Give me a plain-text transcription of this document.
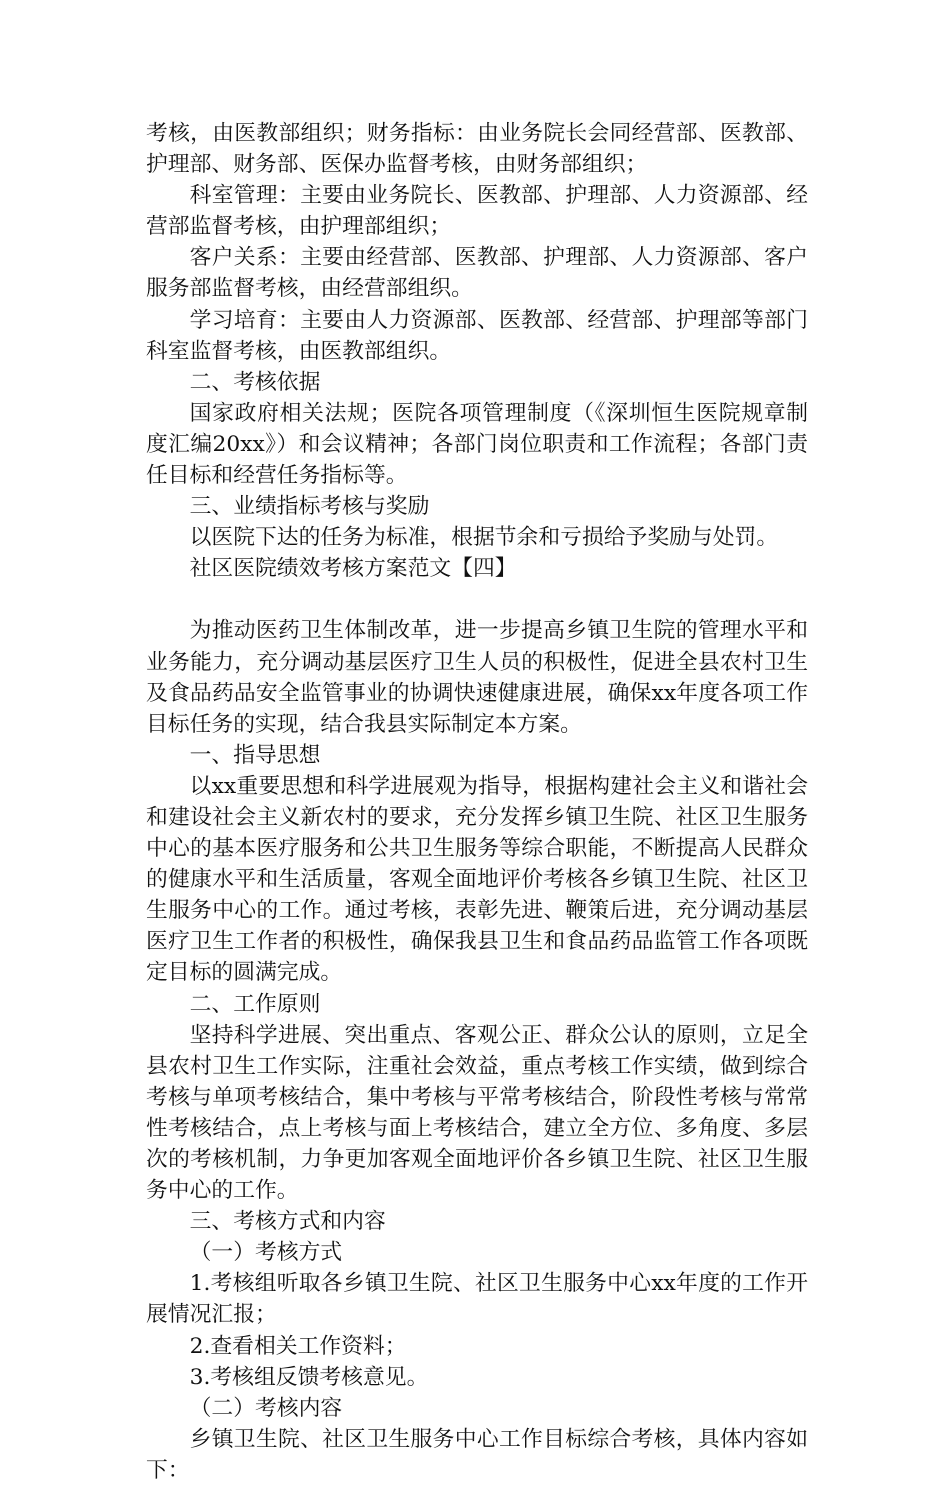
考核，由医教部组织；财务指标：由业务院长会同经营部、医教部、护理部、财务部、医保办监督考核，由财务部组织；

科室管理：主要由业务院长、医教部、护理部、人力资源部、经营部监督考核，由护理部组织；

客户关系：主要由经营部、医教部、护理部、人力资源部、客户服务部监督考核，由经营部组织。

学习培育：主要由人力资源部、医教部、经营部、护理部等部门科室监督考核，由医教部组织。

二、考核依据

国家政府相关法规；医院各项管理制度（《深圳恒生医院规章制度汇编20xx》）和会议精神；各部门岗位职责和工作流程；各部门责任目标和经营任务指标等。

三、业绩指标考核与奖励

以医院下达的任务为标准，根据节余和亏损给予奖励与处罚。

社区医院绩效考核方案范文【四】

为推动医药卫生体制改革，进一步提高乡镇卫生院的管理水平和业务能力，充分调动基层医疗卫生人员的积极性，促进全县农村卫生及食品药品安全监管事业的协调快速健康进展，确保xx年度各项工作目标任务的实现，结合我县实际制定本方案。

一、指导思想

以xx重要思想和科学进展观为指导，根据构建社会主义和谐社会和建设社会主义新农村的要求，充分发挥乡镇卫生院、社区卫生服务中心的基本医疗服务和公共卫生服务等综合职能，不断提高人民群众的健康水平和生活质量，客观全面地评价考核各乡镇卫生院、社区卫生服务中心的工作。通过考核，表彰先进、鞭策后进，充分调动基层医疗卫生工作者的积极性，确保我县卫生和食品药品监管工作各项既定目标的圆满完成。

二、工作原则

坚持科学进展、突出重点、客观公正、群众公认的原则，立足全县农村卫生工作实际，注重社会效益，重点考核工作实绩，做到综合考核与单项考核结合，集中考核与平常考核结合，阶段性考核与常常性考核结合，点上考核与面上考核结合，建立全方位、多角度、多层次的考核机制，力争更加客观全面地评价各乡镇卫生院、社区卫生服务中心的工作。

三、考核方式和内容

（一）考核方式

1.考核组听取各乡镇卫生院、社区卫生服务中心xx年度的工作开展情况汇报；

2.查看相关工作资料；

3.考核组反馈考核意见。

（二）考核内容

乡镇卫生院、社区卫生服务中心工作目标综合考核，具体内容如下：
